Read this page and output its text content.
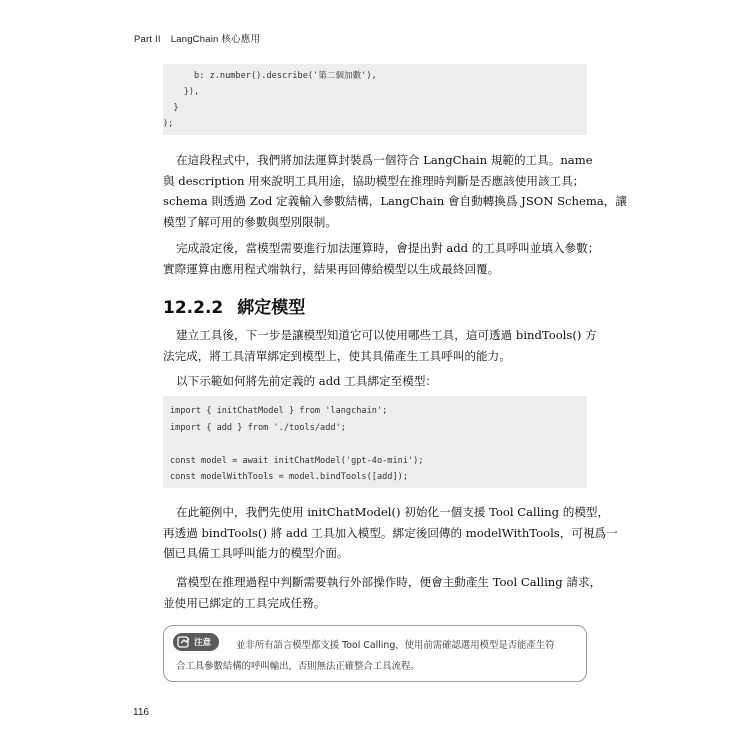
Part II LangChain 核心應用
b: z.number().describe('第二個加數'),
}),
}
);
在這段程式中，我們將加法運算封裝爲一個符合 LangChain 規範的工具。name
與 description 用來說明工具用途，協助模型在推理時判斷是否應該使用該工具；
schema 則透過 Zod 定義輸入參數結構，LangChain 會自動轉換爲 JSON Schema，讓
模型了解可用的參數與型別限制。
完成設定後，當模型需要進行加法運算時，會提出對 add 的工具呼叫並填入參數；
實際運算由應用程式端執行，結果再回傳給模型以生成最終回覆。
12.2.2 綁定模型
建立工具後，下一步是讓模型知道它可以使用哪些工具，這可透過 bindTools() 方
法完成，將工具清單綁定到模型上，使其具備產生工具呼叫的能力。
以下示範如何將先前定義的 add 工具綁定至模型：
import { initChatModel } from 'langchain';
import { add } from './tools/add';
const model = await initChatModel('gpt-4o-mini');
const modelWithTools = model.bindTools([add]);
在此範例中，我們先使用 initChatModel() 初始化一個支援 Tool Calling 的模型，
再透過 bindTools() 將 add 工具加入模型。綁定後回傳的 modelWithTools，可視爲一
個已具備工具呼叫能力的模型介面。
當模型在推理過程中判斷需要執行外部操作時，便會主動產生 Tool Calling 請求，
並使用已綁定的工具完成任務。
並非所有語言模型都支援 Tool Calling，使用前需確認選用模型是否能產生符
合工具參數結構的呼叫輸出，否則無法正確整合工具流程。
注意
116
